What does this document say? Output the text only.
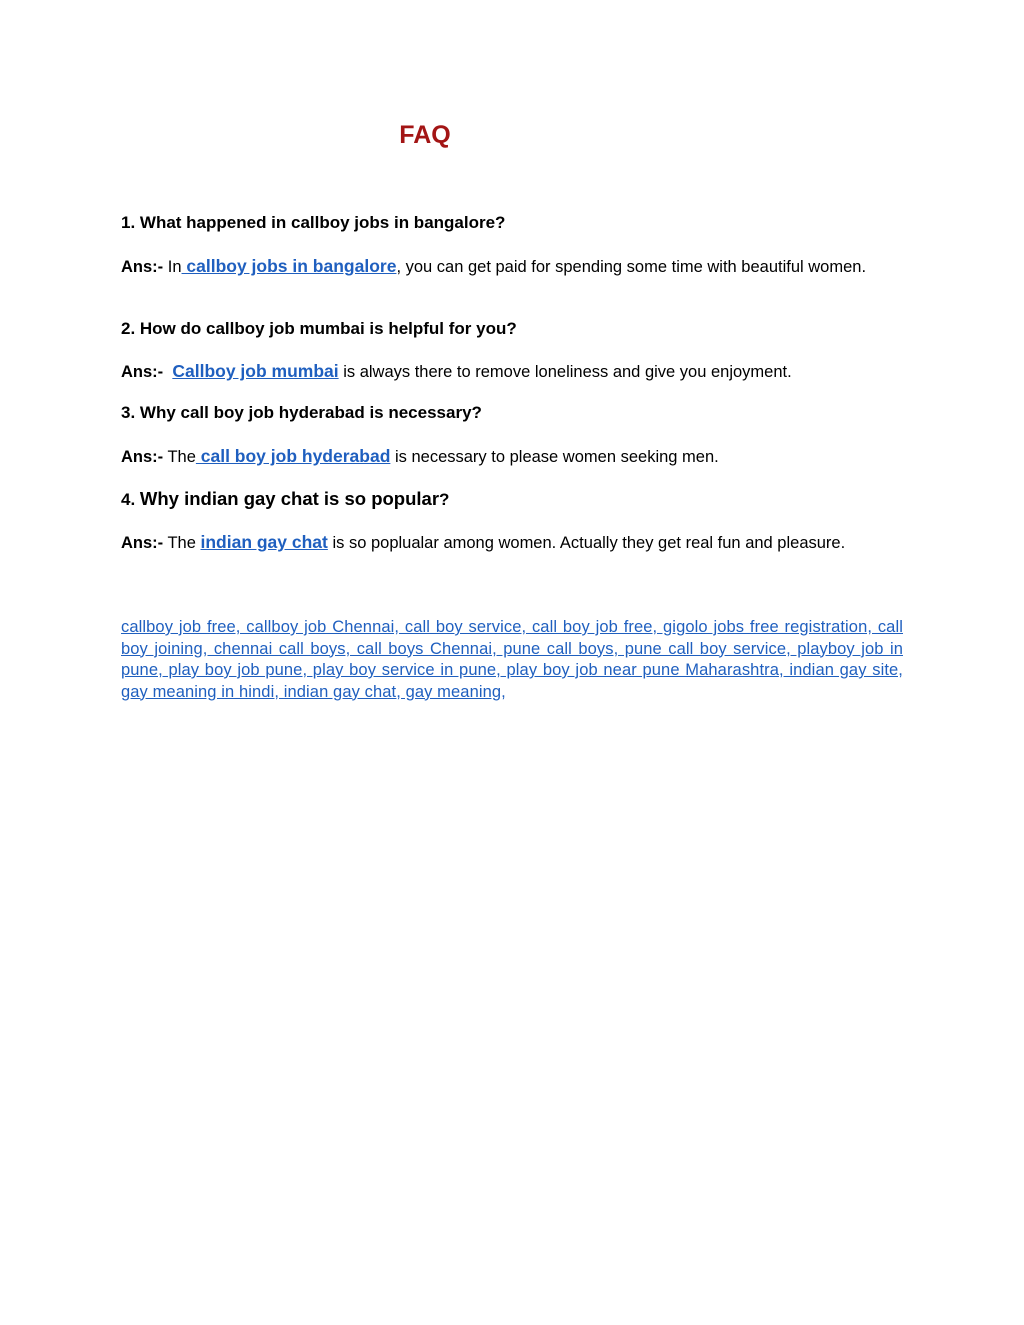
FAQ

1. What happened in callboy jobs in bangalore?

Ans:- In callboy jobs in bangalore, you can get paid for spending some time with beautiful women.

2. How do callboy job mumbai is helpful for you?

Ans:- Callboy job mumbai is always there to remove loneliness and give you enjoyment.

3. Why call boy job hyderabad is necessary?

Ans:- The call boy job hyderabad is necessary to please women seeking men.

4. Why indian gay chat is so popular?

Ans:- The indian gay chat is so poplualar among women. Actually they get real fun and pleasure.

callboy job free, callboy job Chennai, call boy service, call boy job free, gigolo jobs free registration, call boy joining, chennai call boys, call boys Chennai, pune call boys, pune call boy service, playboy job in pune, play boy job pune, play boy service in pune, play boy job near pune Maharashtra, indian gay site, gay meaning in hindi, indian gay chat, gay meaning,
